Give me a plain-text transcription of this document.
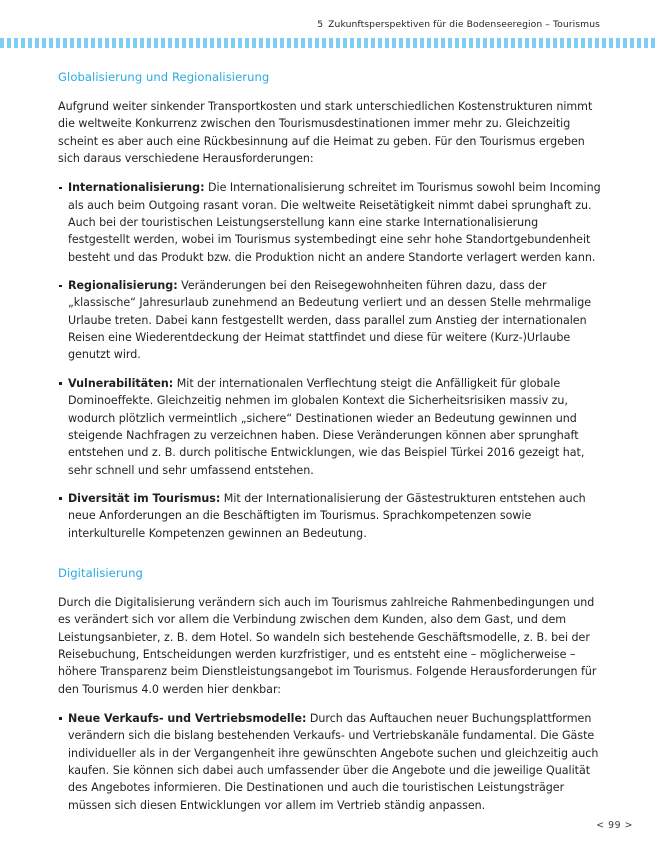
5 Zukunftsperspektiven für die Bodenseeregion – Tourismus
Globalisierung und Regionalisierung

Aufgrund weiter sinkender Transportkosten und stark unterschiedlichen Kostenstrukturen nimmt die weltweite Konkurrenz zwischen den Tourismusdestinationen immer mehr zu. Gleichzeitig scheint es aber auch eine Rückbesinnung auf die Heimat zu geben. Für den Tourismus ergeben sich daraus verschiedene Herausforderungen:

Internationalisierung: Die Internationalisierung schreitet im Tourismus sowohl beim Incoming als auch beim Outgoing rasant voran. Die weltweite Reisetätigkeit nimmt dabei sprunghaft zu. Auch bei der touristischen Leistungserstellung kann eine starke Internationalisierung festgestellt werden, wobei im Tourismus systembedingt eine sehr hohe Standortgebundenheit besteht und das Produkt bzw. die Produktion nicht an andere Standorte verlagert werden kann.
Regionalisierung: Veränderungen bei den Reisegewohnheiten führen dazu, dass der „klassische“ Jahresurlaub zunehmend an Bedeutung verliert und an dessen Stelle mehrmalige Urlaube treten. Dabei kann festgestellt werden, dass parallel zum Anstieg der internationalen Reisen eine Wiederentdeckung der Heimat stattfindet und diese für weitere (Kurz-)Urlaube genutzt wird.
Vulnerabilitäten: Mit der internationalen Verflechtung steigt die Anfälligkeit für globale Dominoeffekte. Gleichzeitig nehmen im globalen Kontext die Sicherheitsrisiken massiv zu, wodurch plötzlich vermeintlich „sichere“ Destinationen wieder an Bedeutung gewinnen und steigende Nachfragen zu verzeichnen haben. Diese Veränderungen können aber sprunghaft entstehen und z. B. durch politische Entwicklungen, wie das Beispiel Türkei 2016 gezeigt hat, sehr schnell und sehr umfassend entstehen.
Diversität im Tourismus: Mit der Internationalisierung der Gästestrukturen entstehen auch neue Anforderungen an die Beschäftigten im Tourismus. Sprachkompetenzen sowie interkulturelle Kompetenzen gewinnen an Bedeutung.
Digitalisierung

Durch die Digitalisierung verändern sich auch im Tourismus zahlreiche Rahmenbedingungen und es verändert sich vor allem die Verbindung zwischen dem Kunden, also dem Gast, und dem Leistungsanbieter, z. B. dem Hotel. So wandeln sich bestehende Geschäftsmodelle, z. B. bei der Reisebuchung, Entscheidungen werden kurzfristiger, und es entsteht eine – möglicherweise – höhere Transparenz beim Dienstleistungsangebot im Tourismus. Folgende Herausforderungen für den Tourismus 4.0 werden hier denkbar:

Neue Verkaufs- und Vertriebsmodelle: Durch das Auftauchen neuer Buchungsplattformen verändern sich die bislang bestehenden Verkaufs- und Vertriebskanäle fundamental. Die Gäste individueller als in der Vergangenheit ihre gewünschten Angebote suchen und gleichzeitig auch kaufen. Sie können sich dabei auch umfassender über die Angebote und die jeweilige Qualität des Angebotes informieren. Die Destinationen und auch die touristischen Leistungsträger müssen sich diesen Entwicklungen vor allem im Vertrieb ständig anpassen.
< 99 >
